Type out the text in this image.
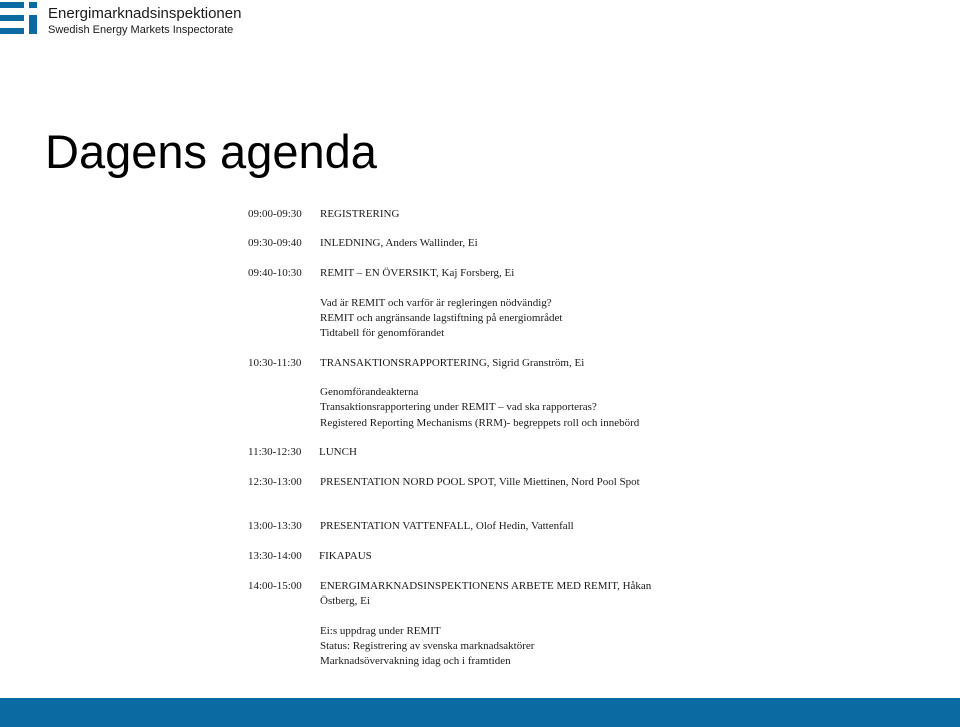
Energimarknadsinspektionen
Swedish Energy Markets Inspectorate
Dagens agenda
09:00-09:30 REGISTRERING
09:30-09:40 INLEDNING, Anders Wallinder, Ei
09:40-10:30 REMIT – EN ÖVERSIKT, Kaj Forsberg, Ei
Vad är REMIT och varför är regleringen nödvändig?
REMIT och angränsande lagstiftning på energiområdet
Tidtabell för genomförandet
10:30-11:30 TRANSAKTIONSRAPPORTERING, Sigrid Granström, Ei
Genomförandeakterna
Transaktionsrapportering under REMIT – vad ska rapporteras?
Registered Reporting Mechanisms (RRM)- begreppets roll och innebörd
11:30-12:30 LUNCH
12:30-13:00 PRESENTATION NORD POOL SPOT, Ville Miettinen, Nord Pool Spot
13:00-13:30 PRESENTATION VATTENFALL, Olof Hedin, Vattenfall
13:30-14:00 FIKAPAUS
14:00-15:00 ENERGIMARKNADSINSPEKTIONENS ARBETE MED REMIT, Håkan
Östberg, Ei
Ei:s uppdrag under REMIT
Status: Registrering av svenska marknadsaktörer
Marknadsövervakning idag och i framtiden
